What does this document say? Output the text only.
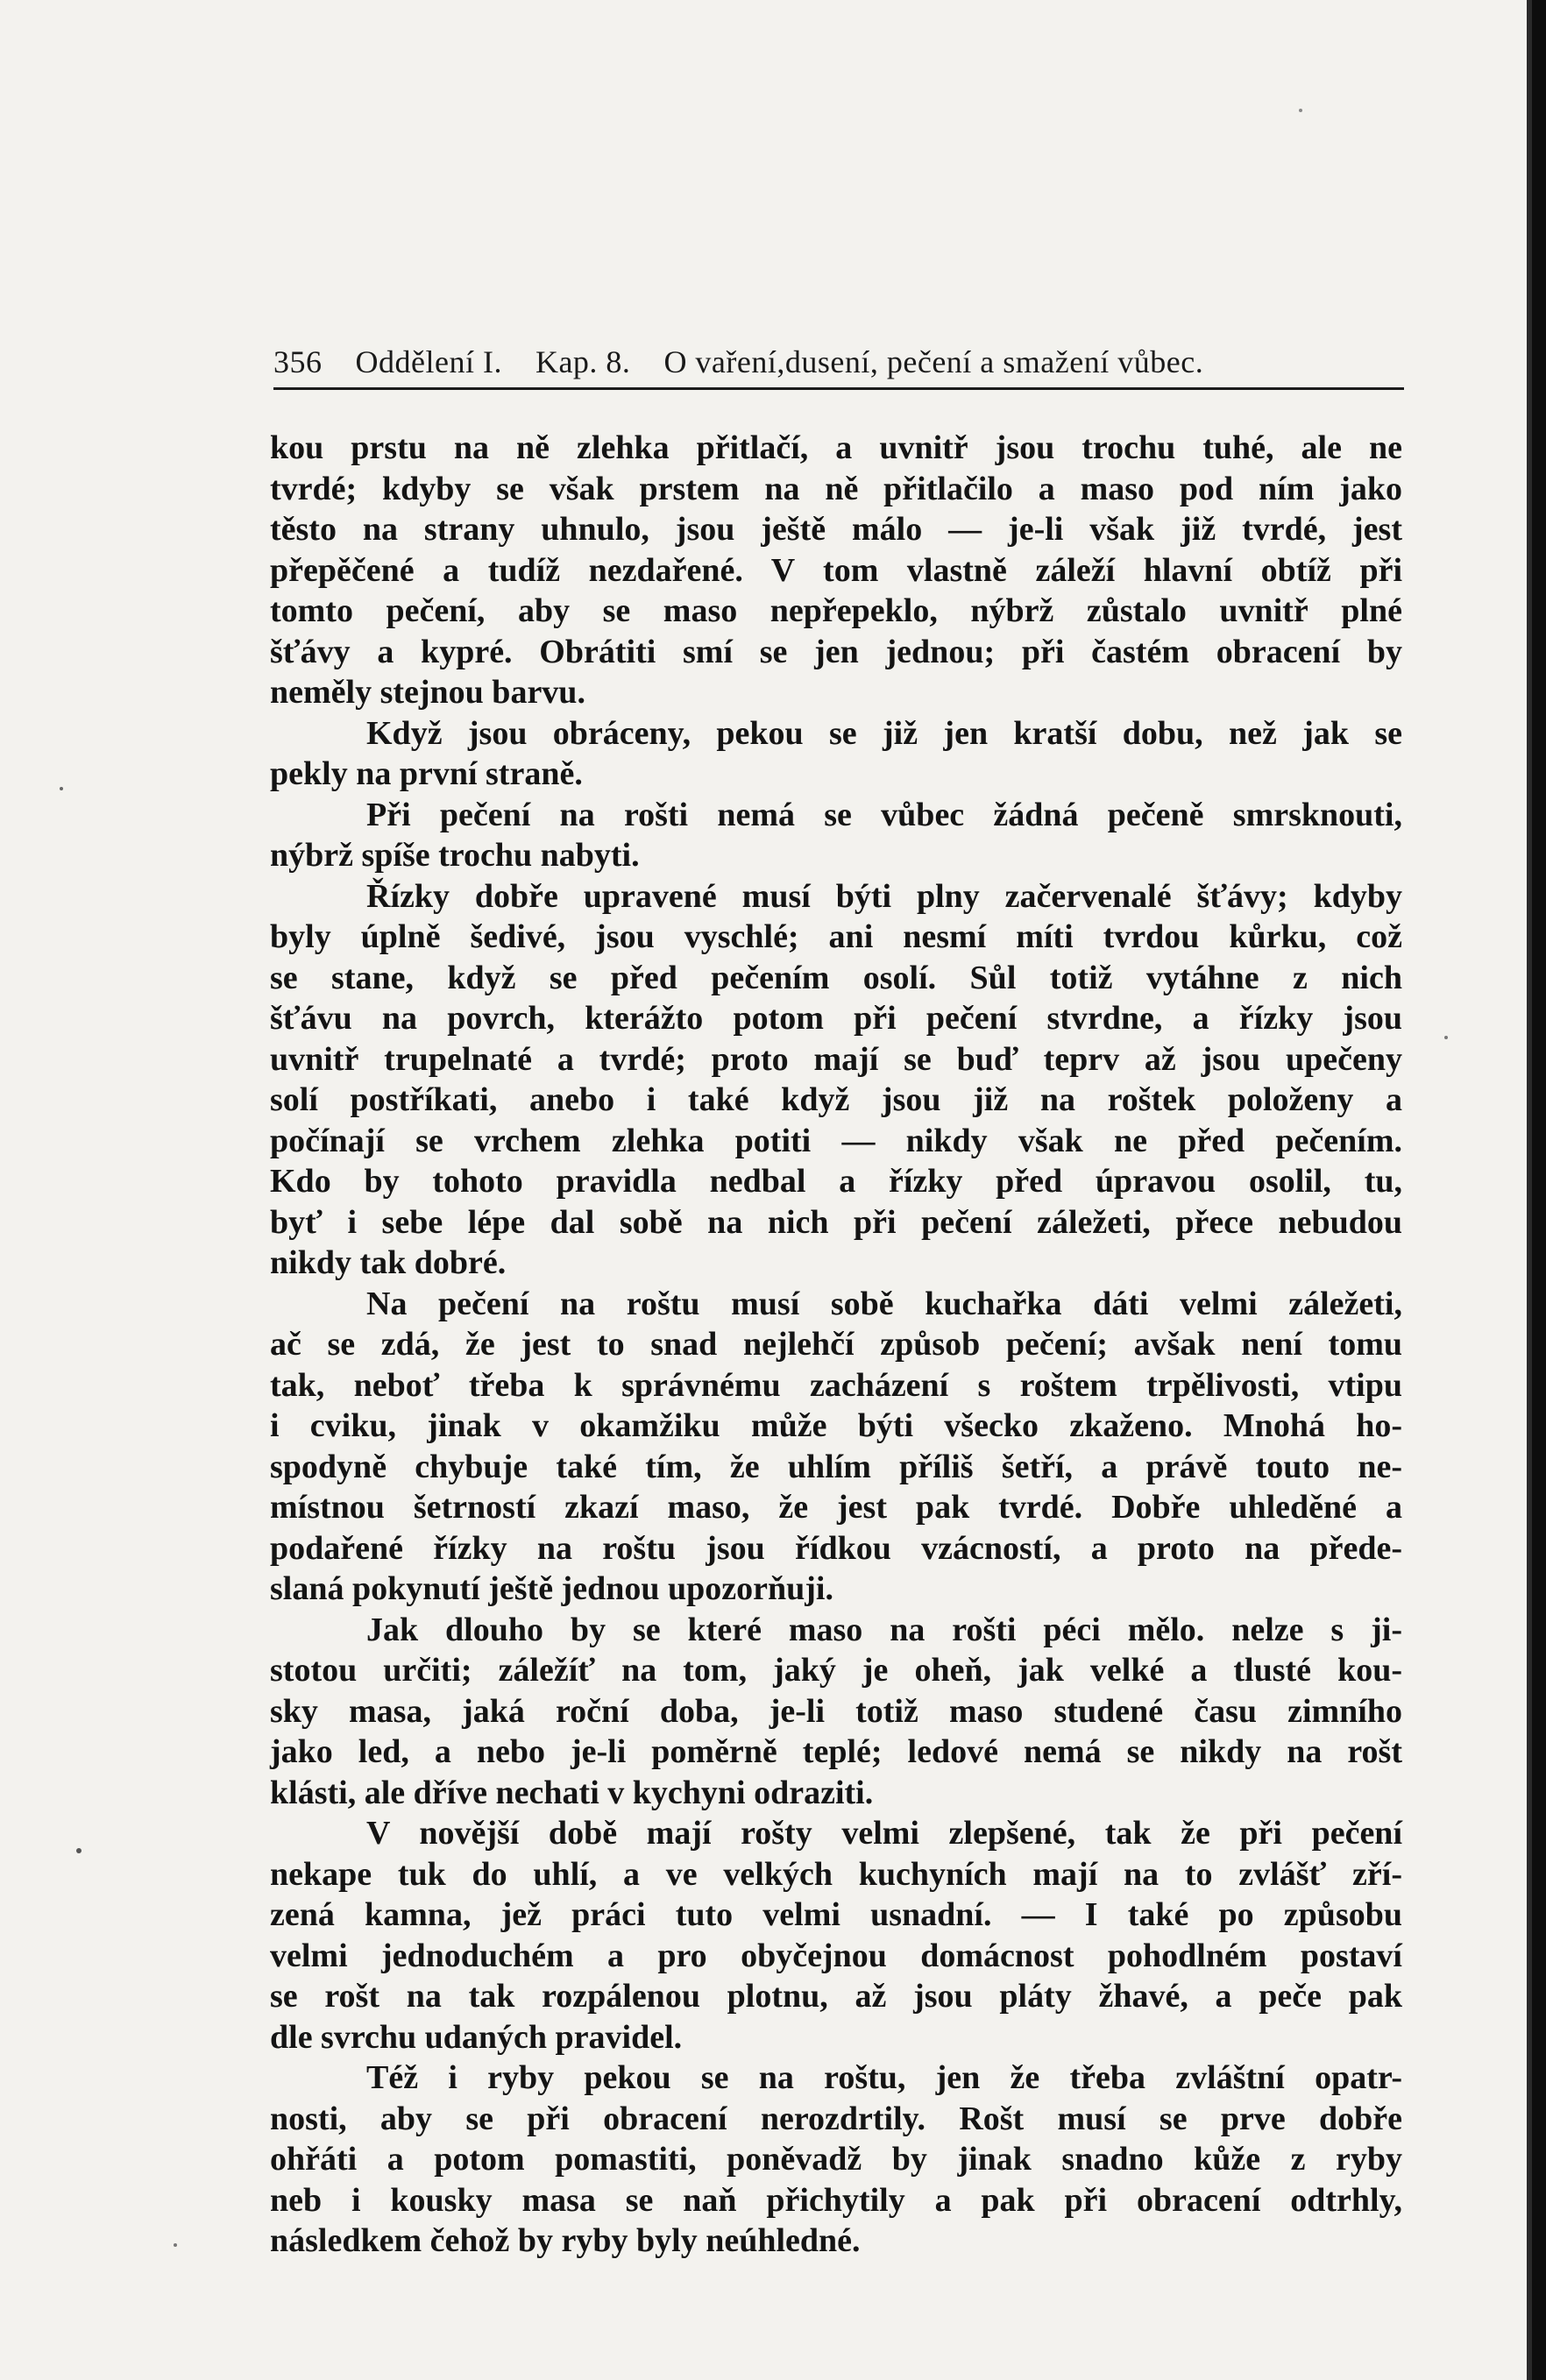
356 Oddělení I. Kap. 8. O vaření,dusení, pečení a smažení vůbec.

kou prstu na ně zlehka přitlačí, a uvnitř jsou trochu tuhé, ale ne

tvrdé; kdyby se však prstem na ně přitlačilo a maso pod ním jako

těsto na strany uhnulo, jsou ještě málo — je-li však již tvrdé, jest

přepěčené a tudíž nezdařené. V tom vlastně záleží hlavní obtíž při

tomto pečení, aby se maso nepřepeklo, nýbrž zůstalo uvnitř plné

šťávy a kypré. Obrátiti smí se jen jednou; při častém obracení by

neměly stejnou barvu.

Když jsou obráceny, pekou se již jen kratší dobu, než jak se

pekly na první straně.

Při pečení na rošti nemá se vůbec žádná pečeně smrsknouti,

nýbrž spíše trochu nabyti.

Řízky dobře upravené musí býti plny začervenalé šťávy; kdyby

byly úplně šedivé, jsou vyschlé; ani nesmí míti tvrdou kůrku, což

se stane, když se před pečením osolí. Sůl totiž vytáhne z nich

šťávu na povrch, kterážto potom při pečení stvrdne, a řízky jsou

uvnitř trupelnaté a tvrdé; proto mají se buď teprv až jsou upečeny

solí postříkati, anebo i také když jsou již na roštek položeny a

počínají se vrchem zlehka potiti — nikdy však ne před pečením.

Kdo by tohoto pravidla nedbal a řízky před úpravou osolil, tu,

byť i sebe lépe dal sobě na nich při pečení záležeti, přece nebudou

nikdy tak dobré.

Na pečení na roštu musí sobě kuchařka dáti velmi záležeti,

ač se zdá, že jest to snad nejlehčí způsob pečení; avšak není tomu

tak, neboť třeba k správnému zacházení s roštem trpělivosti, vtipu

i cviku, jinak v okamžiku může býti všecko zkaženo. Mnohá ho-

spodyně chybuje také tím, že uhlím příliš šetří, a právě touto ne-

místnou šetrností zkazí maso, že jest pak tvrdé. Dobře uhleděné a

podařené řízky na roštu jsou řídkou vzácností, a proto na přede-

slaná pokynutí ještě jednou upozorňuji.

Jak dlouho by se které maso na rošti péci mělo. nelze s ji-

stotou určiti; záležíť na tom, jaký je oheň, jak velké a tlusté kou-

sky masa, jaká roční doba, je-li totiž maso studené času zimního

jako led, a nebo je-li poměrně teplé; ledové nemá se nikdy na rošt

klásti, ale dříve nechati v kychyni odraziti.

V novější době mají rošty velmi zlepšené, tak že při pečení

nekape tuk do uhlí, a ve velkých kuchyních mají na to zvlášť zří-

zená kamna, jež práci tuto velmi usnadní. — I také po způsobu

velmi jednoduchém a pro obyčejnou domácnost pohodlném postaví

se rošt na tak rozpálenou plotnu, až jsou pláty žhavé, a peče pak

dle svrchu udaných pravidel.

Též i ryby pekou se na roštu, jen že třeba zvláštní opatr-

nosti, aby se při obracení nerozdrtily. Rošt musí se prve dobře

ohřáti a potom pomastiti, poněvadž by jinak snadno kůže z ryby

neb i kousky masa se naň přichytily a pak při obracení odtrhly,

následkem čehož by ryby byly neúhledné.
